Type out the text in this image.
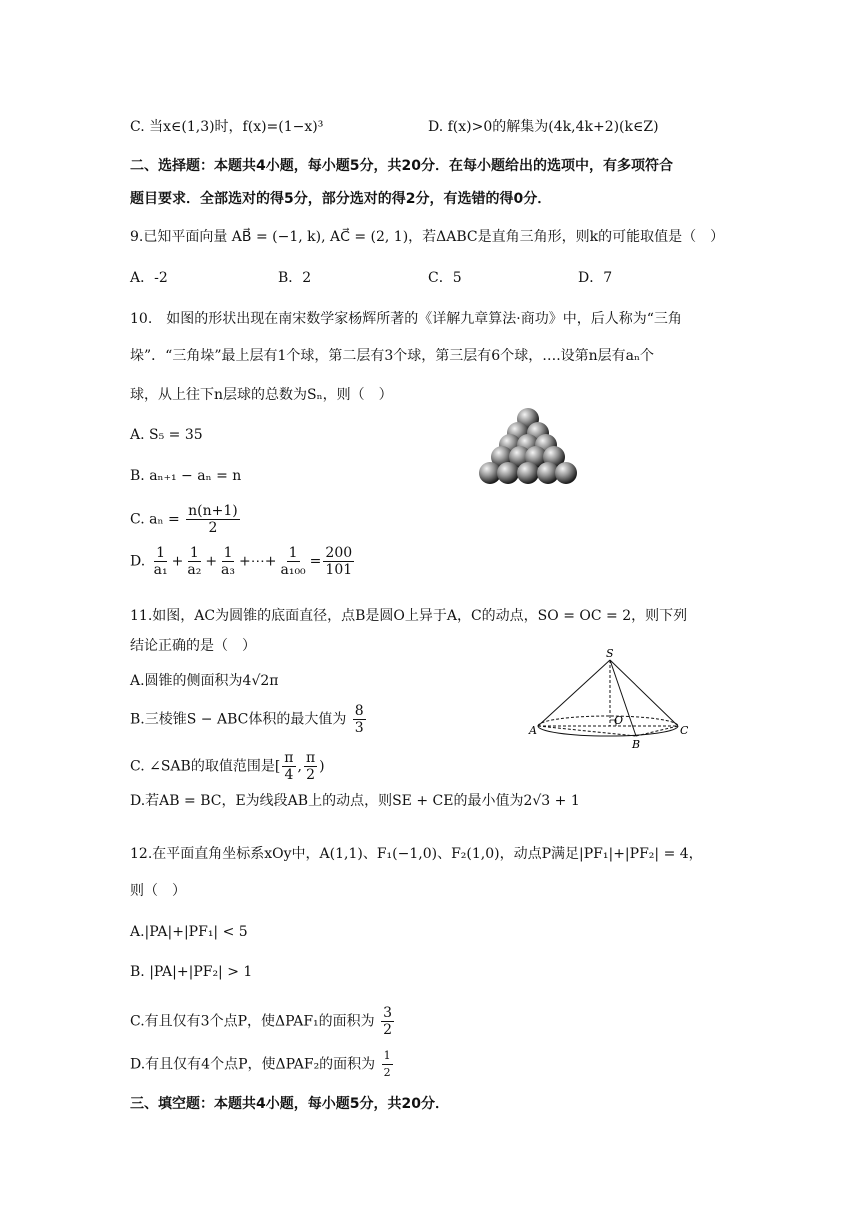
C. 当x∈(1,3)时，f(x)=(1−x)³	D. f(x)>0的解集为(4k,4k+2)(k∈Z)
二、选择题：本题共4小题，每小题5分，共20分．在每小题给出的选项中，有多项符合
题目要求．全部选对的得5分，部分选对的得2分，有选错的得0分．
9.已知平面向量 AB⃗ = (−1, k), AC⃗ = (2, 1)，若ΔABC是直角三角形，则k的可能取值是（　）
A．-2	B．2	C．5	D．7
10.　如图的形状出现在南宋数学家杨辉所著的《详解九章算法·商功》中，后人称为“三角
垛”．“三角垛”最上层有1个球，第二层有3个球，第三层有6个球，….设第n层有aₙ个
球，从上往下n层球的总数为Sₙ，则（　）
A. S₅ = 35
B. aₙ₊₁ − aₙ = n
C. $a_n = \frac{n(n+1)}{2}$
D. $\frac{1}{\text{a₁}} + \frac{1}{\text{a₂}} + \frac{1}{\text{a₃}}$ +⋯+ $\frac{1}{\text{a₁₀₀}} = \frac{200}{101}$
11.如图，AC为圆锥的底面直径，点B是圆O上异于A，C的动点，SO = OC = 2，则下列
结论正确的是（　）
A.圆锥的侧面积为4√2π
B.三棱锥S − ABC体积的最大值为 $\frac{8}{3}$
C. ∠SAB的取值范围是[ $\frac{\pi}{4}$ , $\frac{\pi}{2}$ )
D.若AB = BC，E为线段AB上的动点，则SE + CE的最小值为2√3 + 1
S
O
A
B
C
12.在平面直角坐标系xOy中，A(1,1)、F₁(−1,0)、F₂(1,0)，动点P满足|PF₁|+|PF₂| = 4，
则（　）
A.|PA|+|PF₁| < 5
B. |PA|+|PF₂| > 1
C.有且仅有3个点P，使ΔPAF₁的面积为 $\frac{3}{2}$
D.有且仅有4个点P，使ΔPAF₂的面积为 $\frac{1}{2}$
三、填空题：本题共4小题，每小题5分，共20分．
